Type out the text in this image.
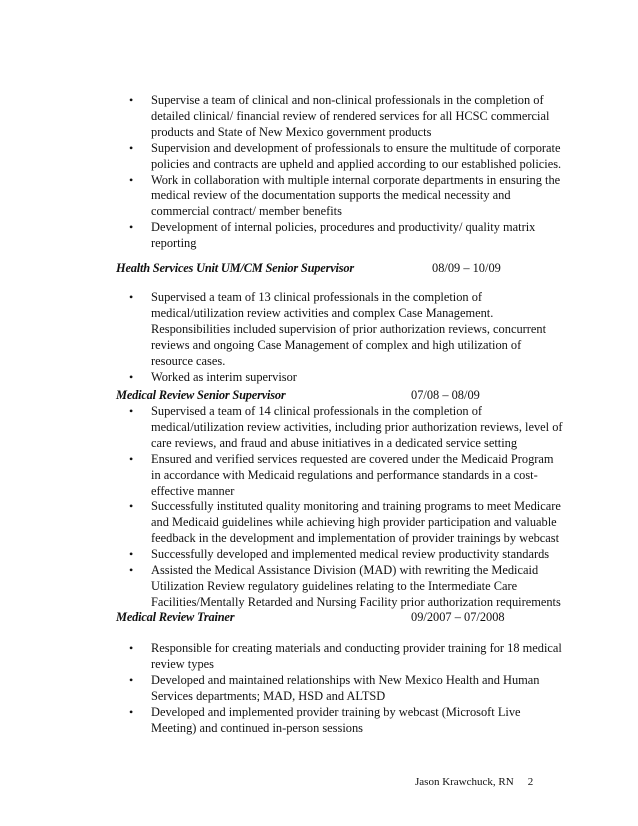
• Supervise a team of clinical and non-clinical professionals in the completion of detailed clinical/ financial review of rendered services for all HCSC commercial products and State of New Mexico government products
• Supervision and development of professionals to ensure the multitude of corporate policies and contracts are upheld and applied according to our established policies.
• Work in collaboration with multiple internal corporate departments in ensuring the medical review of the documentation supports the medical necessity and commercial contract/ member benefits
• Development of internal policies, procedures and productivity/ quality matrix reporting
Health Services Unit UM/CM Senior Supervisor	08/09 – 10/09
• Supervised a team of 13 clinical professionals in the completion of medical/utilization review activities and complex Case Management. Responsibilities included supervision of prior authorization reviews, concurrent reviews and ongoing Case Management of complex and high utilization of resource cases.
• Worked as interim supervisor
Medical Review Senior Supervisor	07/08 – 08/09
• Supervised a team of 14 clinical professionals in the completion of medical/utilization review activities, including prior authorization reviews, level of care reviews, and fraud and abuse initiatives in a dedicated service setting
• Ensured and verified services requested are covered under the Medicaid Program in accordance with Medicaid regulations and performance standards in a cost-effective manner
• Successfully instituted quality monitoring and training programs to meet Medicare and Medicaid guidelines while achieving high provider participation and valuable feedback in the development and implementation of provider trainings by webcast
• Successfully developed and implemented medical review productivity standards
• Assisted the Medical Assistance Division (MAD) with rewriting the Medicaid Utilization Review regulatory guidelines relating to the Intermediate Care Facilities/Mentally Retarded and Nursing Facility prior authorization requirements
Medical Review Trainer	09/2007 – 07/2008
• Responsible for creating materials and conducting provider training for 18 medical review types
• Developed and maintained relationships with New Mexico Health and Human Services departments; MAD, HSD and ALTSD
• Developed and implemented provider training by webcast (Microsoft Live Meeting) and continued in-person sessions
Jason Krawchuck, RN 2
